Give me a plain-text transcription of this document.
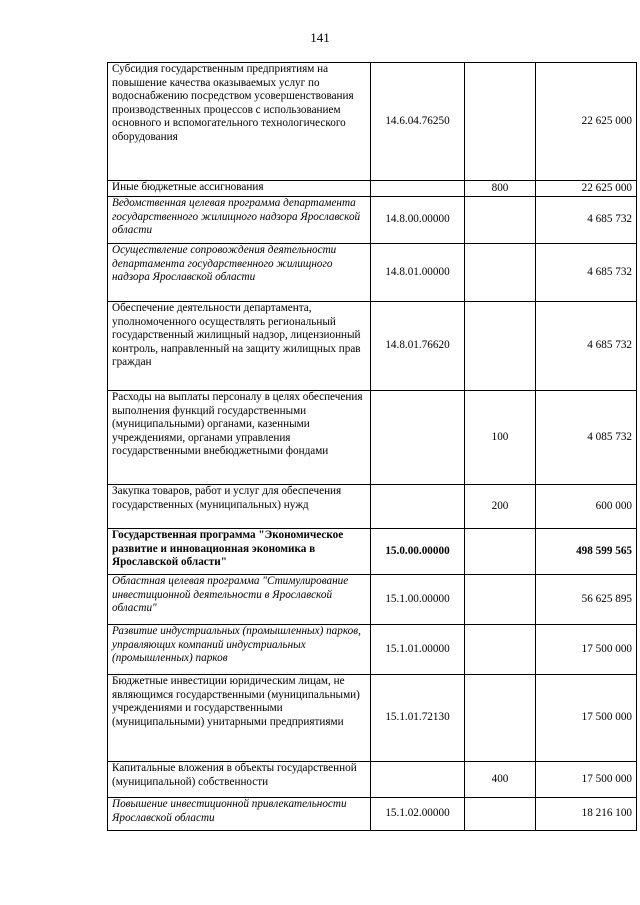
141
Субсидия государственным предприятиям на повышение качества оказываемых услуг по водоснабжению посредством усовершенствования производственных процессов с использованием основного и вспомогательного технологического оборудования	14.6.04.76250		22 625 000
Иные бюджетные ассигнования		800	22 625 000
Ведомственная целевая программа департамента государственного жилищного надзора Ярославской области	14.8.00.00000		4 685 732
Осуществление сопровождения деятельности департамента государственного жилищного надзора Ярославской области	14.8.01.00000		4 685 732
Обеспечение деятельности департамента, уполномоченного осуществлять региональный государственный жилищный надзор, лицензионный контроль, направленный на защиту жилищных прав граждан	14.8.01.76620		4 685 732
Расходы на выплаты персоналу в целях обеспечения выполнения функций государственными (муниципальными) органами, казенными учреждениями, органами управления государственными внебюджетными фондами		100	4 085 732
Закупка товаров, работ и услуг для обеспечения государственных (муниципальных) нужд		200	600 000
Государственная программа "Экономическое развитие и инновационная экономика в Ярославской области"	15.0.00.00000		498 599 565
Областная целевая программа "Стимулирование инвестиционной деятельности в Ярославской области"	15.1.00.00000		56 625 895
Развитие индустриальных (промышленных) парков, управляющих компаний индустриальных (промышленных) парков	15.1.01.00000		17 500 000
Бюджетные инвестиции юридическим лицам, не являющимся государственными (муниципальными) учреждениями и государственными (муниципальными) унитарными предприятиями	15.1.01.72130		17 500 000
Капитальные вложения в объекты государственной (муниципальной) собственности		400	17 500 000
Повышение инвестиционной привлекательности Ярославской области	15.1.02.00000		18 216 100
